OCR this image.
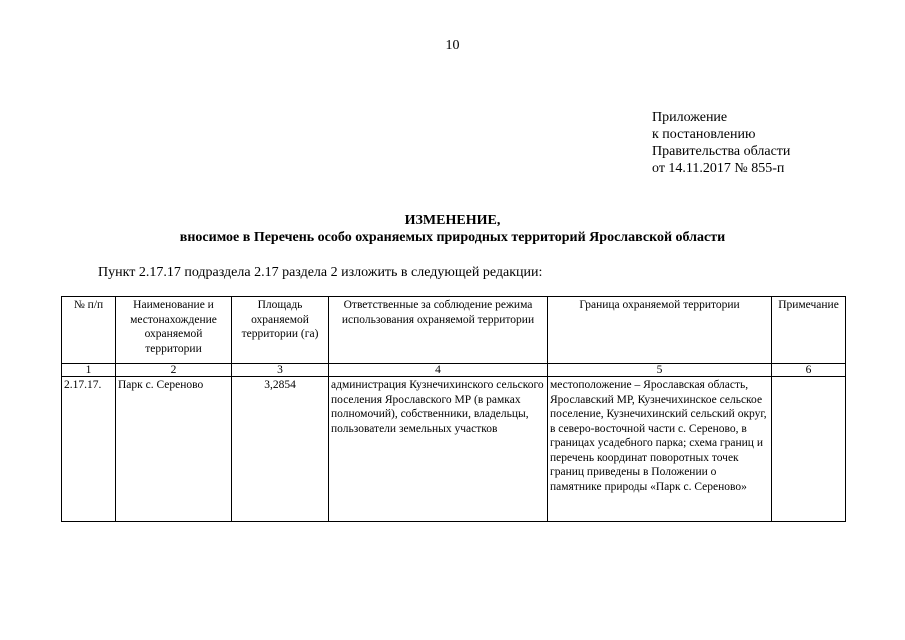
10
Приложение
к постановлению
Правительства области
от 14.11.2017 № 855-п
ИЗМЕНЕНИЕ,
вносимое в Перечень особо охраняемых природных территорий Ярославской области
Пункт 2.17.17 подраздела 2.17 раздела 2 изложить в следующей редакции:
№ п/п	Наименование и местонахождение охраняемой территории	Площадь охраняемой территории (га)	Ответственные за соблюдение режима использования охраняемой территории	Граница охраняемой территории	Примечание
1	2	3	4	5	6
2.17.17.	Парк с. Сереново	3,2854	администрация Кузнечихинского сельского поселения Ярославского МР (в рамках полномочий), собственники, владельцы, пользователи земельных участков	местоположение – Ярославская область, Ярославский МР, Кузнечихинское сельское поселение, Кузнечихинский сельский округ, в северо-восточной части с. Сереново, в границах усадебного парка; схема границ и перечень координат поворотных точек границ приведены в Положении о памятнике природы «Парк с. Сереново»	
